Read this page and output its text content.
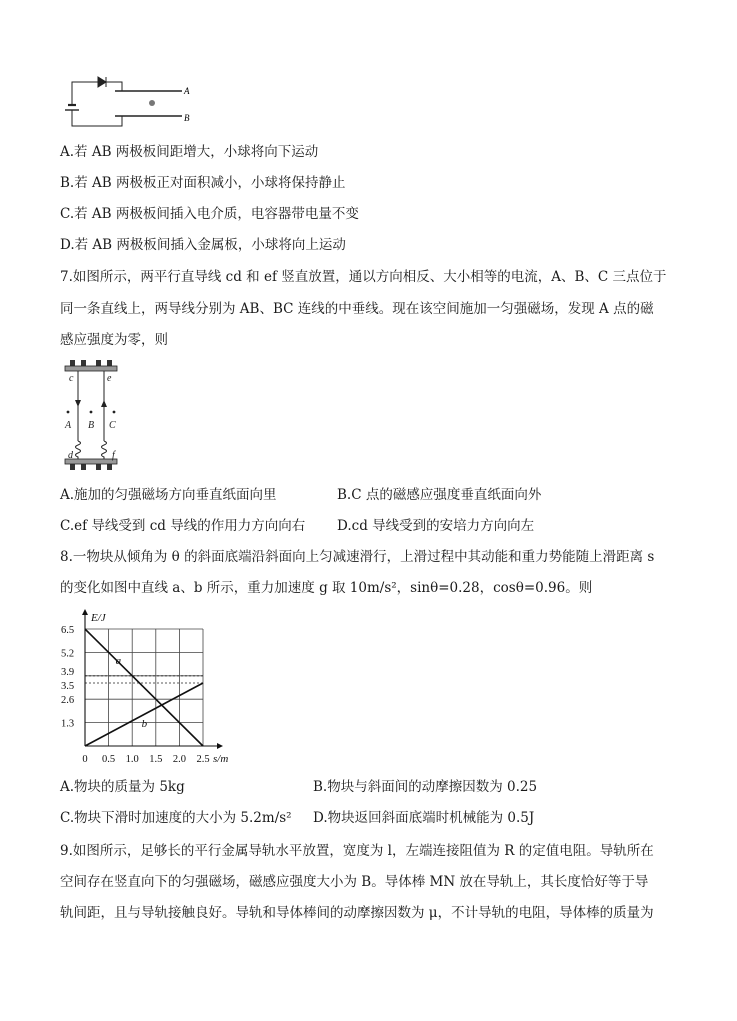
A
B
A.若 AB 两极板间距增大，小球将向下运动
B.若 AB 两极板正对面积减小，小球将保持静止
C.若 AB 两极板间插入电介质，电容器带电量不变
D.若 AB 两极板间插入金属板，小球将向上运动
7.如图所示，两平行直导线 cd 和 ef 竖直放置，通以方向相反、大小相等的电流，A、B、C 三点位于
同一条直线上，两导线分别为 AB、BC 连线的中垂线。现在该空间施加一匀强磁场，发现 A 点的磁
感应强度为零，则
c	e
A B C
d	f
A.施加的匀强磁场方向垂直纸面向里	B.C 点的磁感应强度垂直纸面向外
C.ef 导线受到 cd 导线的作用力方向向右 D.cd 导线受到的安培力方向向左
8.一物块从倾角为 θ 的斜面底端沿斜面向上匀减速滑行，上滑过程中其动能和重力势能随上滑距离 s
的变化如图中直线 a、b 所示，重力加速度 g 取 10m/s²，sinθ=0.28，cosθ=0.96。则
a
b
1.3
2.6
3.5
3.9
5.2
6.5
0 0.5 1.0 1.5 2.0 2.5
E/J
s/m
A.物块的质量为 5kg	B.物块与斜面间的动摩擦因数为 0.25
C.物块下滑时加速度的大小为 5.2m/s² D.物块返回斜面底端时机械能为 0.5J
9.如图所示，足够长的平行金属导轨水平放置，宽度为 l，左端连接阻值为 R 的定值电阻。导轨所在
空间存在竖直向下的匀强磁场，磁感应强度大小为 B。导体棒 MN 放在导轨上，其长度恰好等于导
轨间距，且与导轨接触良好。导轨和导体棒间的动摩擦因数为 μ，不计导轨的电阻，导体棒的质量为
